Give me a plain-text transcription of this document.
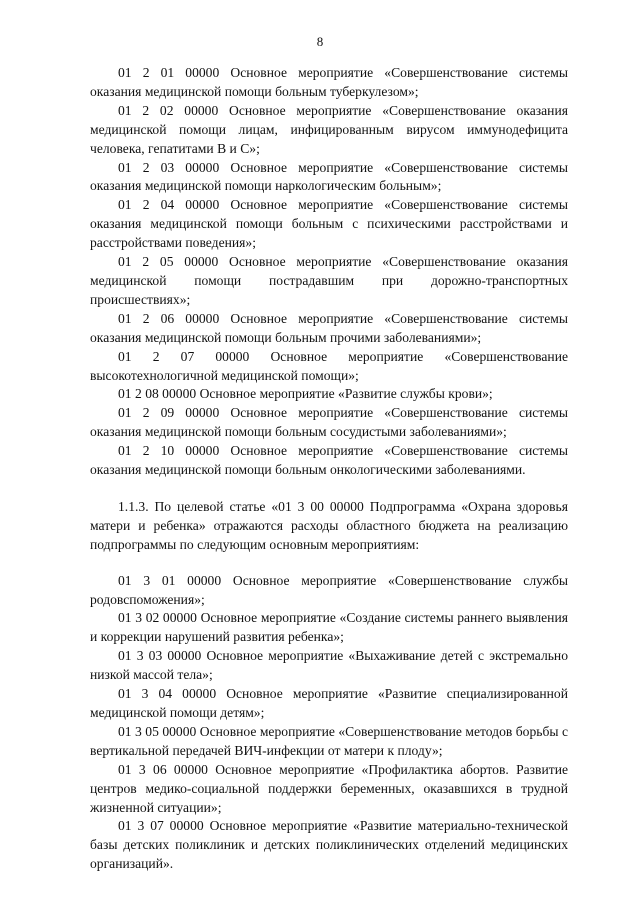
8

01 2 01 00000 Основное мероприятие «Совершенствование системы оказания медицинской помощи больным туберкулезом»;

01 2 02 00000 Основное мероприятие «Совершенствование оказания медицинской помощи лицам, инфицированным вирусом иммунодефицита человека, гепатитами В и С»;

01 2 03 00000 Основное мероприятие «Совершенствование системы оказания медицинской помощи наркологическим больным»;

01 2 04 00000 Основное мероприятие «Совершенствование системы оказания медицинской помощи больным с психическими расстройствами и расстройствами поведения»;

01 2 05 00000 Основное мероприятие «Совершенствование оказания медицинской помощи пострадавшим при дорожно-транспортных происшествиях»;

01 2 06 00000 Основное мероприятие «Совершенствование системы оказания медицинской помощи больным прочими заболеваниями»;

01 2 07 00000 Основное мероприятие «Совершенствование высокотехнологичной медицинской помощи»;

01 2 08 00000 Основное мероприятие «Развитие службы крови»;

01 2 09 00000 Основное мероприятие «Совершенствование системы оказания медицинской помощи больным сосудистыми заболеваниями»;

01 2 10 00000 Основное мероприятие «Совершенствование системы оказания медицинской помощи больным онкологическими заболеваниями.

1.1.3. По целевой статье «01 3 00 00000 Подпрограмма «Охрана здоровья матери и ребенка» отражаются расходы областного бюджета на реализацию подпрограммы по следующим основным мероприятиям:

01 3 01 00000 Основное мероприятие «Совершенствование службы родовспоможения»;

01 3 02 00000 Основное мероприятие «Создание системы раннего выявления и коррекции нарушений развития ребенка»;

01 3 03 00000 Основное мероприятие «Выхаживание детей с экстремально низкой массой тела»;

01 3 04 00000 Основное мероприятие «Развитие специализированной медицинской помощи детям»;

01 3 05 00000 Основное мероприятие «Совершенствование методов борьбы с вертикальной передачей ВИЧ-инфекции от матери к плоду»;

01 3 06 00000 Основное мероприятие «Профилактика абортов. Развитие центров медико-социальной поддержки беременных, оказавшихся в трудной жизненной ситуации»;

01 3 07 00000 Основное мероприятие «Развитие материально-технической базы детских поликлиник и детских поликлинических отделений медицинских организаций».
